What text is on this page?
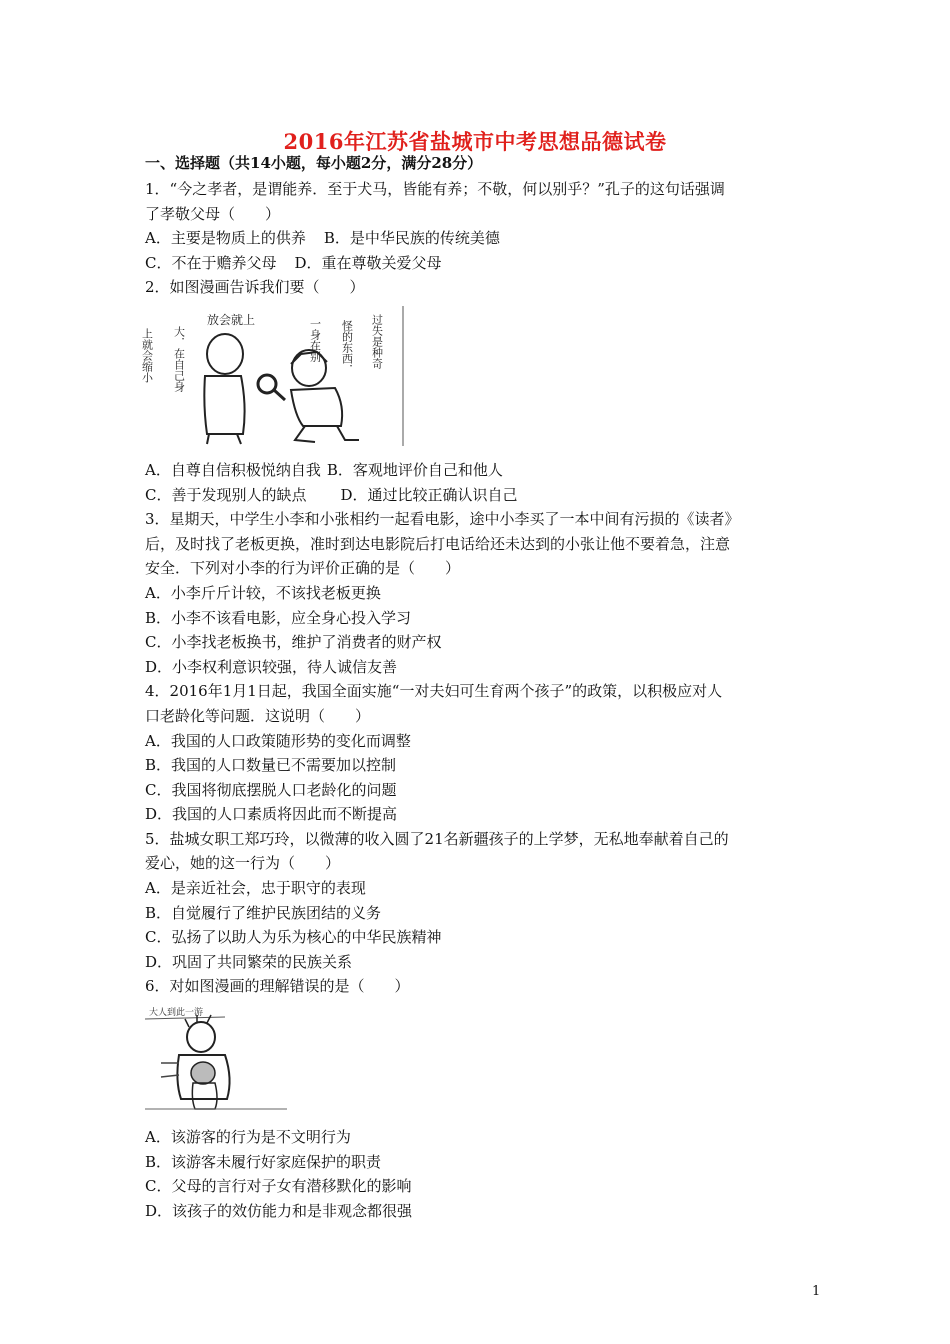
2016年江苏省盐城市中考思想品德试卷
一、选择题（共14小题，每小题2分，满分28分）
1．“今之孝者，是谓能养．至于犬马，皆能有养；不敬，何以别乎？”孔子的这句话强调
了孝敬父母（　　）
A．主要是物质上的供养 B．是中华民族的传统美德
C．不在于赡养父母 D．重在尊敬关爱父母
2．如图漫画告诉我们要（　　）
上就会缩小 大．在自己身
放会就上	一身在别 怪的东西． 过失是种奇
A．自尊自信积极悦纳自我 B．客观地评价自己和他人
C．善于发现别人的缺点 D．通过比较正确认识自己
3．星期天，中学生小李和小张相约一起看电影，途中小李买了一本中间有污损的《读者》
后，及时找了老板更换，准时到达电影院后打电话给还未达到的小张让他不要着急，注意
安全．下列对小李的行为评价正确的是（　　）
A．小李斤斤计较，不该找老板更换
B．小李不该看电影，应全身心投入学习
C．小李找老板换书，维护了消费者的财产权
D．小李权利意识较强，待人诚信友善
4．2016年1月1日起，我国全面实施“一对夫妇可生育两个孩子”的政策，以积极应对人
口老龄化等问题．这说明（　　）
A．我国的人口政策随形势的变化而调整
B．我国的人口数量已不需要加以控制
C．我国将彻底摆脱人口老龄化的问题
D．我国的人口素质将因此而不断提高
5．盐城女职工郑巧玲，以微薄的收入圆了21名新疆孩子的上学梦，无私地奉献着自己的
爱心，她的这一行为（　　）
A．是亲近社会，忠于职守的表现
B．自觉履行了维护民族团结的义务
C．弘扬了以助人为乐为核心的中华民族精神
D．巩固了共同繁荣的民族关系
6．对如图漫画的理解错误的是（　　）
大人到此一游
A．该游客的行为是不文明行为
B．该游客未履行好家庭保护的职责
C．父母的言行对子女有潜移默化的影响
D．该孩子的效仿能力和是非观念都很强
1
